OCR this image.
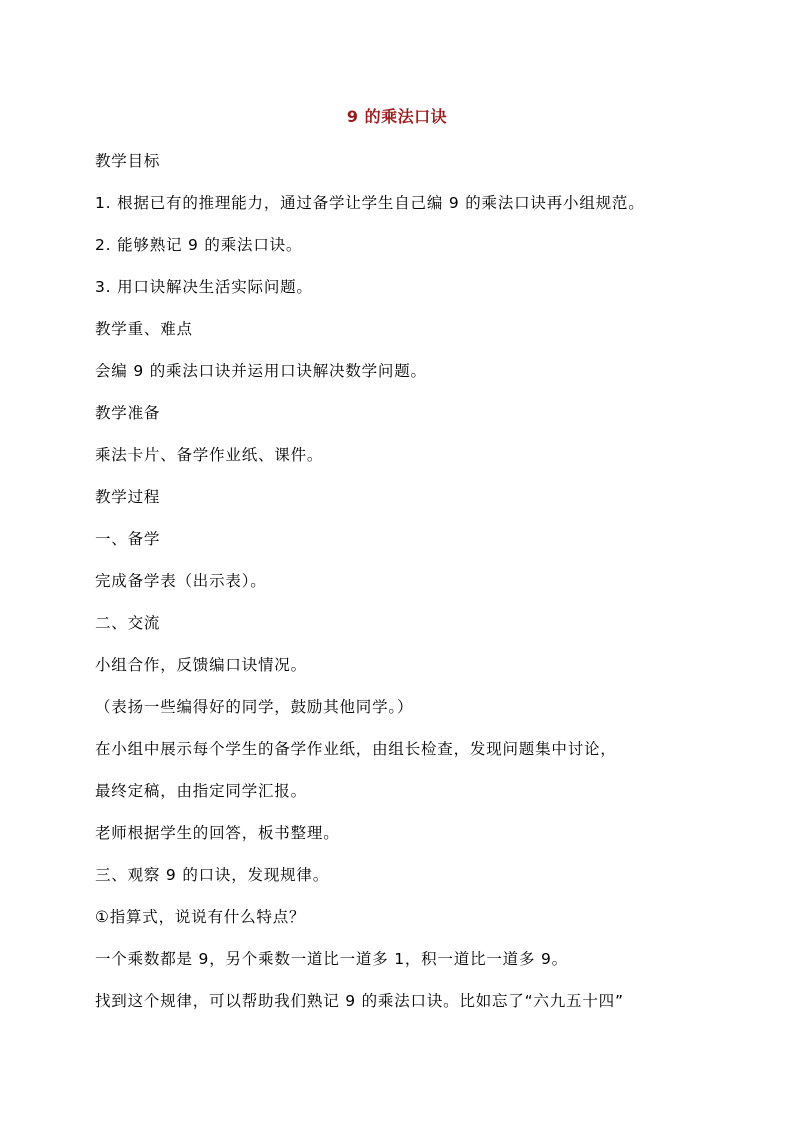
9 的乘法口诀
教学目标
1. 根据已有的推理能力，通过备学让学生自己编 9 的乘法口诀再小组规范。
2. 能够熟记 9 的乘法口诀。
3. 用口诀解决生活实际问题。
教学重、难点
会编 9 的乘法口诀并运用口诀解决数学问题。
教学准备
乘法卡片、备学作业纸、课件。
教学过程
一、备学
完成备学表（出示表）。
二、交流
小组合作，反馈编口诀情况。
（表扬一些编得好的同学，鼓励其他同学。）
在小组中展示每个学生的备学作业纸，由组长检查，发现问题集中讨论，
最终定稿，由指定同学汇报。
老师根据学生的回答，板书整理。
三、观察 9 的口诀，发现规律。
①指算式，说说有什么特点？
一个乘数都是 9，另个乘数一道比一道多 1，积一道比一道多 9。
找到这个规律，可以帮助我们熟记 9 的乘法口诀。比如忘了“六九五十四”
